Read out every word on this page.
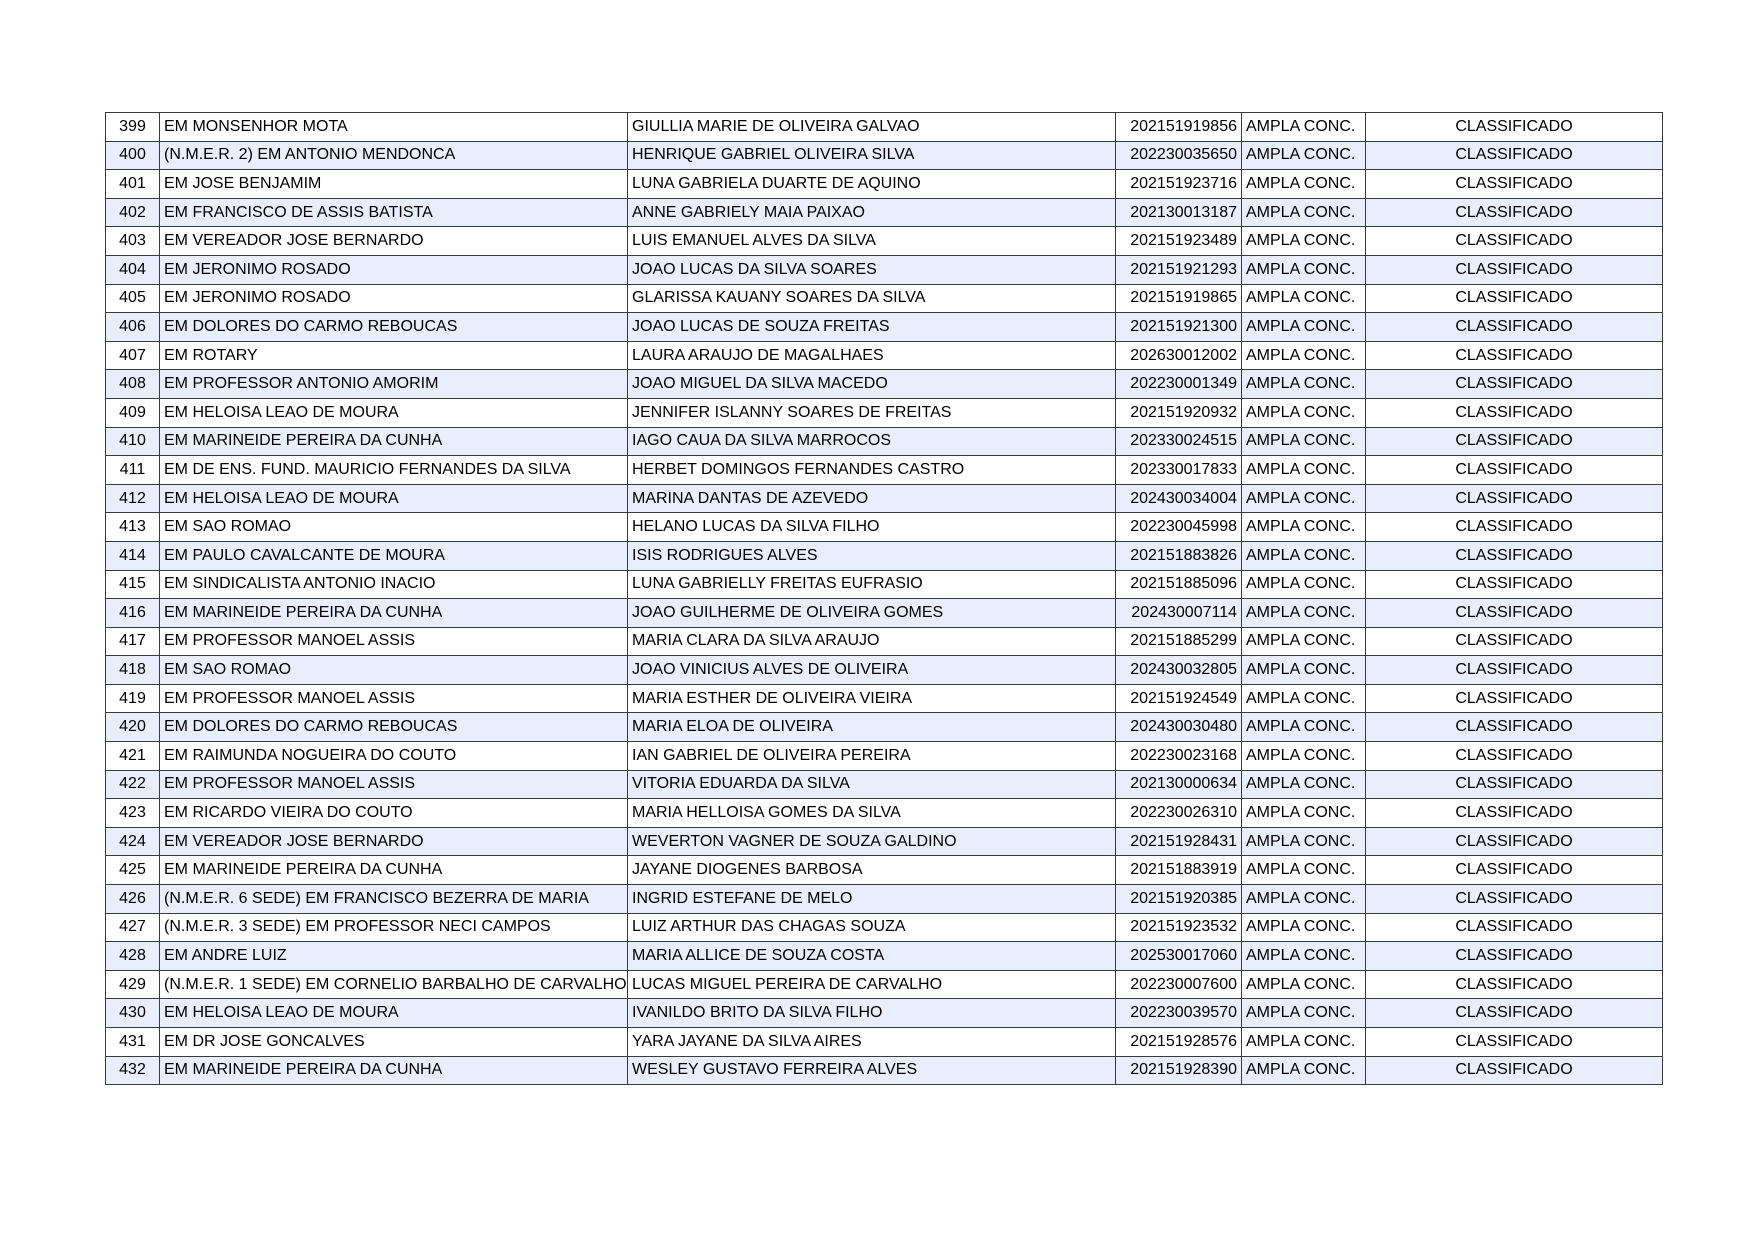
399	EM MONSENHOR MOTA	GIULLIA MARIE DE OLIVEIRA GALVAO	202151919856	AMPLA CONC.	CLASSIFICADO
400	(N.M.E.R. 2) EM ANTONIO MENDONCA	HENRIQUE GABRIEL OLIVEIRA SILVA	202230035650	AMPLA CONC.	CLASSIFICADO
401	EM JOSE BENJAMIM	LUNA GABRIELA DUARTE DE AQUINO	202151923716	AMPLA CONC.	CLASSIFICADO
402	EM FRANCISCO DE ASSIS BATISTA	ANNE GABRIELY MAIA PAIXAO	202130013187	AMPLA CONC.	CLASSIFICADO
403	EM VEREADOR JOSE BERNARDO	LUIS EMANUEL ALVES DA SILVA	202151923489	AMPLA CONC.	CLASSIFICADO
404	EM JERONIMO ROSADO	JOAO LUCAS DA SILVA SOARES	202151921293	AMPLA CONC.	CLASSIFICADO
405	EM JERONIMO ROSADO	GLARISSA KAUANY SOARES DA SILVA	202151919865	AMPLA CONC.	CLASSIFICADO
406	EM DOLORES DO CARMO REBOUCAS	JOAO LUCAS DE SOUZA FREITAS	202151921300	AMPLA CONC.	CLASSIFICADO
407	EM ROTARY	LAURA ARAUJO DE MAGALHAES	202630012002	AMPLA CONC.	CLASSIFICADO
408	EM PROFESSOR ANTONIO AMORIM	JOAO MIGUEL DA SILVA MACEDO	202230001349	AMPLA CONC.	CLASSIFICADO
409	EM HELOISA LEAO DE MOURA	JENNIFER ISLANNY SOARES DE FREITAS	202151920932	AMPLA CONC.	CLASSIFICADO
410	EM MARINEIDE PEREIRA DA CUNHA	IAGO CAUA DA SILVA MARROCOS	202330024515	AMPLA CONC.	CLASSIFICADO
411	EM DE ENS. FUND. MAURICIO FERNANDES DA SILVA	HERBET DOMINGOS FERNANDES CASTRO	202330017833	AMPLA CONC.	CLASSIFICADO
412	EM HELOISA LEAO DE MOURA	MARINA DANTAS DE AZEVEDO	202430034004	AMPLA CONC.	CLASSIFICADO
413	EM SAO ROMAO	HELANO LUCAS DA SILVA FILHO	202230045998	AMPLA CONC.	CLASSIFICADO
414	EM PAULO CAVALCANTE DE MOURA	ISIS RODRIGUES ALVES	202151883826	AMPLA CONC.	CLASSIFICADO
415	EM SINDICALISTA ANTONIO INACIO	LUNA GABRIELLY FREITAS EUFRASIO	202151885096	AMPLA CONC.	CLASSIFICADO
416	EM MARINEIDE PEREIRA DA CUNHA	JOAO GUILHERME DE OLIVEIRA GOMES	202430007114	AMPLA CONC.	CLASSIFICADO
417	EM PROFESSOR MANOEL ASSIS	MARIA CLARA DA SILVA ARAUJO	202151885299	AMPLA CONC.	CLASSIFICADO
418	EM SAO ROMAO	JOAO VINICIUS ALVES DE OLIVEIRA	202430032805	AMPLA CONC.	CLASSIFICADO
419	EM PROFESSOR MANOEL ASSIS	MARIA ESTHER DE OLIVEIRA VIEIRA	202151924549	AMPLA CONC.	CLASSIFICADO
420	EM DOLORES DO CARMO REBOUCAS	MARIA ELOA DE OLIVEIRA	202430030480	AMPLA CONC.	CLASSIFICADO
421	EM RAIMUNDA NOGUEIRA DO COUTO	IAN GABRIEL DE OLIVEIRA PEREIRA	202230023168	AMPLA CONC.	CLASSIFICADO
422	EM PROFESSOR MANOEL ASSIS	VITORIA EDUARDA DA SILVA	202130000634	AMPLA CONC.	CLASSIFICADO
423	EM RICARDO VIEIRA DO COUTO	MARIA HELLOISA GOMES DA SILVA	202230026310	AMPLA CONC.	CLASSIFICADO
424	EM VEREADOR JOSE BERNARDO	WEVERTON VAGNER DE SOUZA GALDINO	202151928431	AMPLA CONC.	CLASSIFICADO
425	EM MARINEIDE PEREIRA DA CUNHA	JAYANE DIOGENES BARBOSA	202151883919	AMPLA CONC.	CLASSIFICADO
426	(N.M.E.R. 6 SEDE) EM FRANCISCO BEZERRA DE MARIA	INGRID ESTEFANE DE MELO	202151920385	AMPLA CONC.	CLASSIFICADO
427	(N.M.E.R. 3 SEDE) EM PROFESSOR NECI CAMPOS	LUIZ ARTHUR DAS CHAGAS SOUZA	202151923532	AMPLA CONC.	CLASSIFICADO
428	EM ANDRE LUIZ	MARIA ALLICE DE SOUZA COSTA	202530017060	AMPLA CONC.	CLASSIFICADO
429	(N.M.E.R. 1 SEDE) EM CORNELIO BARBALHO DE CARVALHO	LUCAS MIGUEL PEREIRA DE CARVALHO	202230007600	AMPLA CONC.	CLASSIFICADO
430	EM HELOISA LEAO DE MOURA	IVANILDO BRITO DA SILVA FILHO	202230039570	AMPLA CONC.	CLASSIFICADO
431	EM DR JOSE GONCALVES	YARA JAYANE DA SILVA AIRES	202151928576	AMPLA CONC.	CLASSIFICADO
432	EM MARINEIDE PEREIRA DA CUNHA	WESLEY GUSTAVO FERREIRA ALVES	202151928390	AMPLA CONC.	CLASSIFICADO
